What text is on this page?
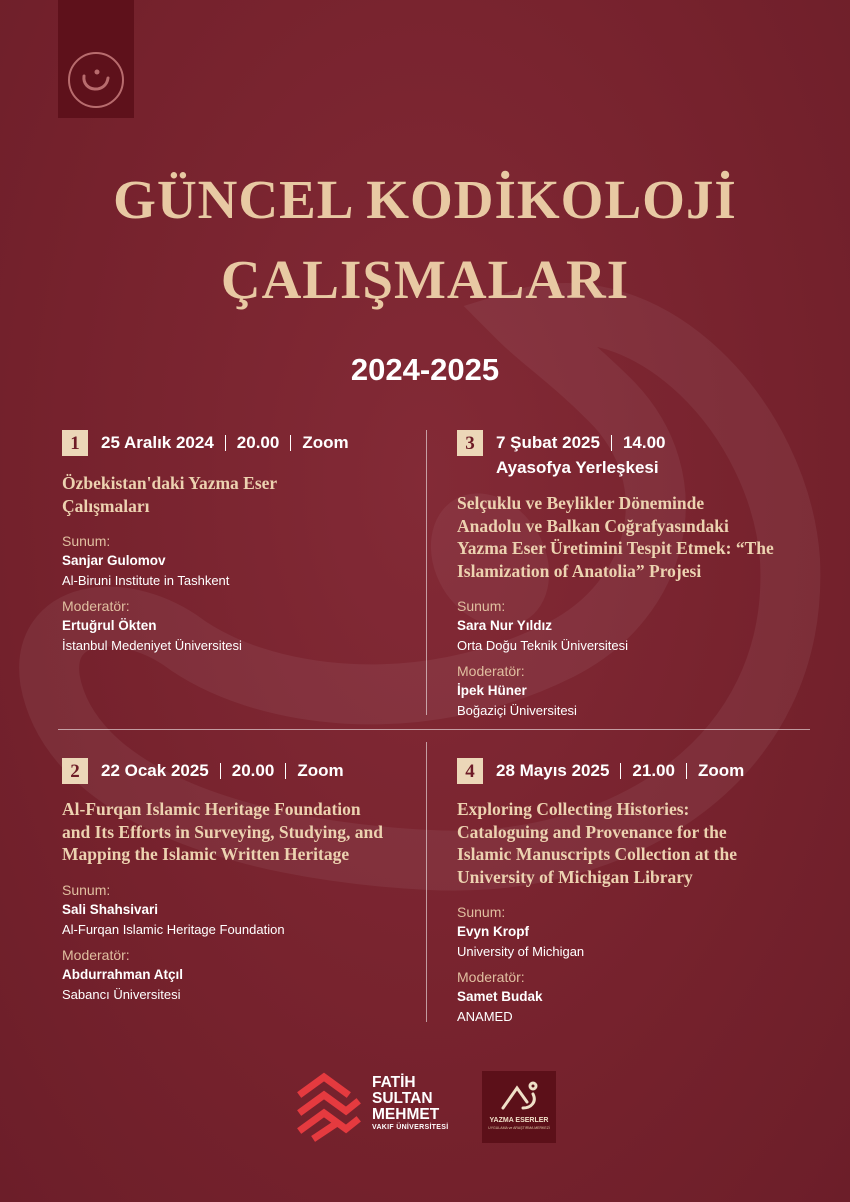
GÜNCEL KODİKOLOJİ
ÇALIŞMALARI
2024-2025
1	25 Aralık 2024 20.00 Zoom
Özbekistan'daki Yazma Eser
Çalışmaları
Sunum:
Sanjar Gulomov
Al-Biruni Institute in Tashkent
Moderatör:
Ertuğrul Ökten
İstanbul Medeniyet Üniversitesi
3	7 Şubat 2025 14.00
Ayasofya Yerleşkesi
Selçuklu ve Beylikler Döneminde
Anadolu ve Balkan Coğrafyasındaki
Yazma Eser Üretimini Tespit Etmek: “The
Islamization of Anatolia” Projesi
Sunum:
Sara Nur Yıldız
Orta Doğu Teknik Üniversitesi
Moderatör:
İpek Hüner
Boğaziçi Üniversitesi
2	22 Ocak 2025 20.00 Zoom
Al-Furqan Islamic Heritage Foundation
and Its Efforts in Surveying, Studying, and
Mapping the Islamic Written Heritage
Sunum:
Sali Shahsivari
Al-Furqan Islamic Heritage Foundation
Moderatör:
Abdurrahman Atçıl
Sabancı Üniversitesi
4	28 Mayıs 2025 21.00 Zoom
Exploring Collecting Histories:
Cataloguing and Provenance for the
Islamic Manuscripts Collection at the
University of Michigan Library
Sunum:
Evyn Kropf
University of Michigan
Moderatör:
Samet Budak
ANAMED
FATİH
SULTAN
MEHMET
VAKIF ÜNİVERSİTESİ
YAZMA ESERLER
UYGULAMA ve ARAŞTIRMA MERKEZİ
